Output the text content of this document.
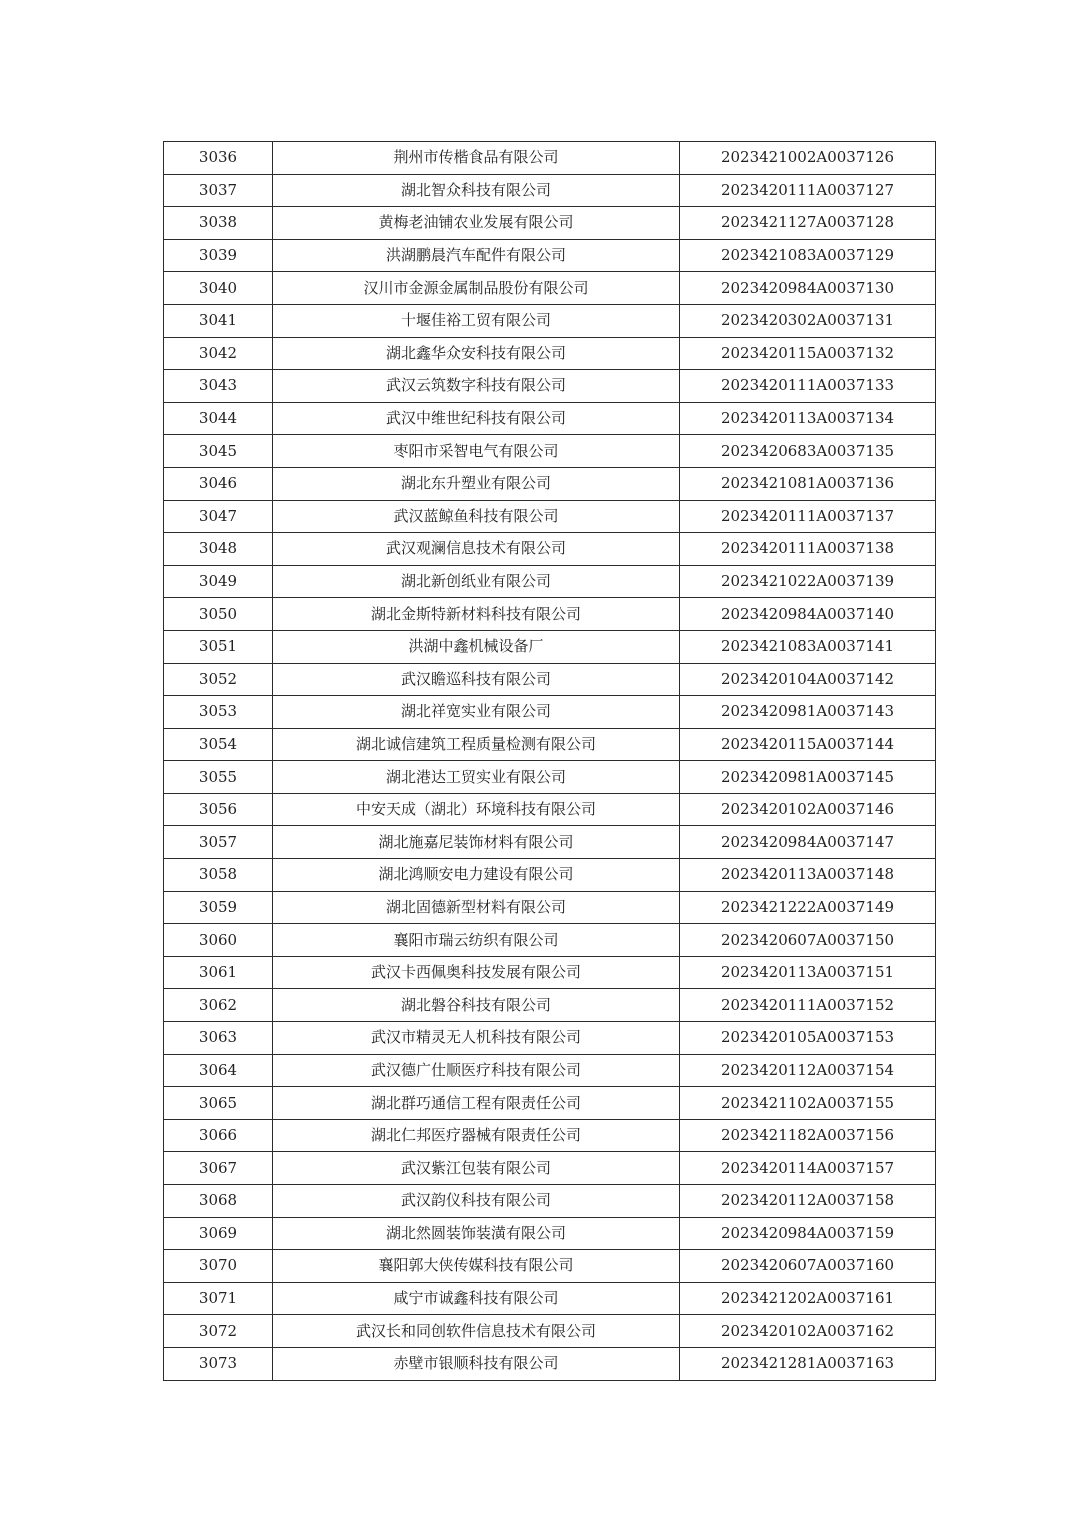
3036	荆州市传楷食品有限公司	2023421002A0037126
3037	湖北智众科技有限公司	2023420111A0037127
3038	黄梅老油铺农业发展有限公司	2023421127A0037128
3039	洪湖鹏晨汽车配件有限公司	2023421083A0037129
3040	汉川市金源金属制品股份有限公司	2023420984A0037130
3041	十堰佳裕工贸有限公司	2023420302A0037131
3042	湖北鑫华众安科技有限公司	2023420115A0037132
3043	武汉云筑数字科技有限公司	2023420111A0037133
3044	武汉中维世纪科技有限公司	2023420113A0037134
3045	枣阳市采智电气有限公司	2023420683A0037135
3046	湖北东升塑业有限公司	2023421081A0037136
3047	武汉蓝鲸鱼科技有限公司	2023420111A0037137
3048	武汉观澜信息技术有限公司	2023420111A0037138
3049	湖北新创纸业有限公司	2023421022A0037139
3050	湖北金斯特新材料科技有限公司	2023420984A0037140
3051	洪湖中鑫机械设备厂	2023421083A0037141
3052	武汉瞻巡科技有限公司	2023420104A0037142
3053	湖北祥宽实业有限公司	2023420981A0037143
3054	湖北诚信建筑工程质量检测有限公司	2023420115A0037144
3055	湖北港达工贸实业有限公司	2023420981A0037145
3056	中安天成（湖北）环境科技有限公司	2023420102A0037146
3057	湖北施嘉尼装饰材料有限公司	2023420984A0037147
3058	湖北鸿顺安电力建设有限公司	2023420113A0037148
3059	湖北固德新型材料有限公司	2023421222A0037149
3060	襄阳市瑞云纺织有限公司	2023420607A0037150
3061	武汉卡西佩奥科技发展有限公司	2023420113A0037151
3062	湖北磐谷科技有限公司	2023420111A0037152
3063	武汉市精灵无人机科技有限公司	2023420105A0037153
3064	武汉德广仕顺医疗科技有限公司	2023420112A0037154
3065	湖北群巧通信工程有限责任公司	2023421102A0037155
3066	湖北仁邦医疗器械有限责任公司	2023421182A0037156
3067	武汉紫江包装有限公司	2023420114A0037157
3068	武汉韵仪科技有限公司	2023420112A0037158
3069	湖北然圆装饰装潢有限公司	2023420984A0037159
3070	襄阳郭大侠传媒科技有限公司	2023420607A0037160
3071	咸宁市诚鑫科技有限公司	2023421202A0037161
3072	武汉长和同创软件信息技术有限公司	2023420102A0037162
3073	赤壁市银顺科技有限公司	2023421281A0037163
